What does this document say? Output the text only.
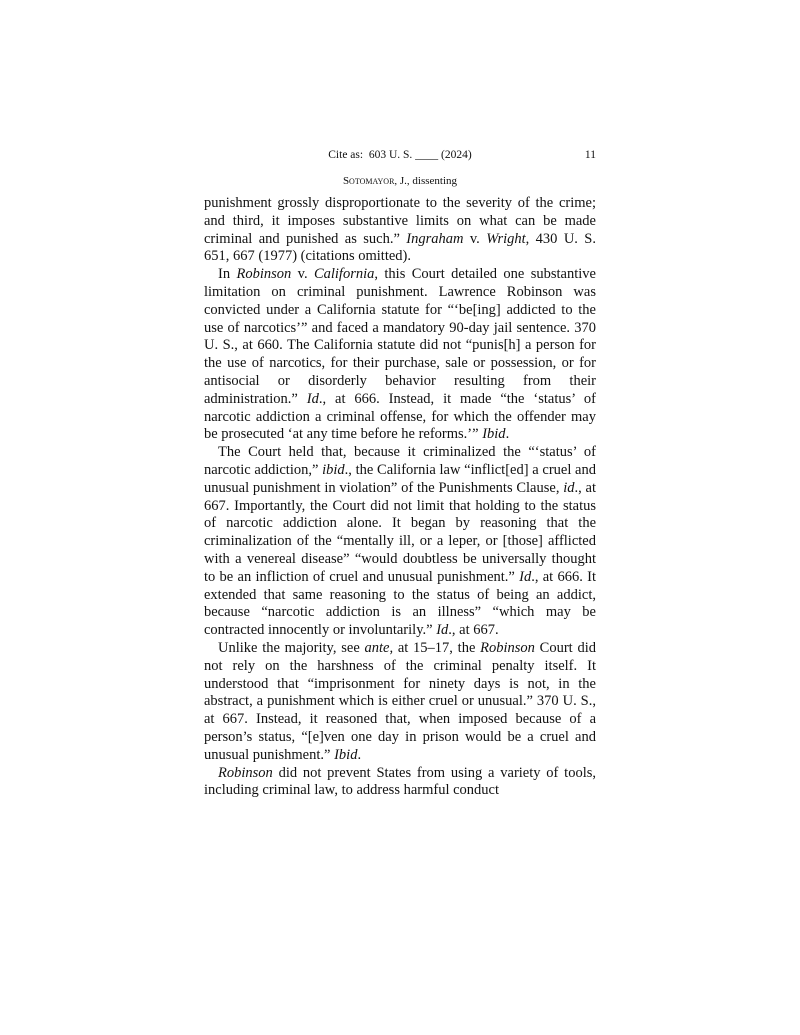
Cite as: 603 U. S. ____ (2024)	11
Sotomayor, J., dissenting

punishment grossly disproportionate to the severity of the crime; and third, it imposes substantive limits on what can be made criminal and punished as such.” Ingraham v. Wright, 430 U. S. 651, 667 (1977) (citations omitted).

In Robinson v. California, this Court detailed one substantive limitation on criminal punishment. Lawrence Robinson was convicted under a California statute for “‘be[ing] addicted to the use of narcotics’” and faced a mandatory 90-day jail sentence. 370 U. S., at 660. The California statute did not “punis[h] a person for the use of narcotics, for their purchase, sale or possession, or for antisocial or disorderly behavior resulting from their administration.” Id., at 666. Instead, it made “the ‘status’ of narcotic addiction a criminal offense, for which the offender may be prosecuted ‘at any time before he reforms.’” Ibid.

The Court held that, because it criminalized the “‘status’ of narcotic addiction,” ibid., the California law “inflict[ed] a cruel and unusual punishment in violation” of the Punishments Clause, id., at 667. Importantly, the Court did not limit that holding to the status of narcotic addiction alone. It began by reasoning that the criminalization of the “mentally ill, or a leper, or [those] afflicted with a venereal disease” “would doubtless be universally thought to be an infliction of cruel and unusual punishment.” Id., at 666. It extended that same reasoning to the status of being an addict, because “narcotic addiction is an illness” “which may be contracted innocently or involuntarily.” Id., at 667.

Unlike the majority, see ante, at 15–17, the Robinson Court did not rely on the harshness of the criminal penalty itself. It understood that “imprisonment for ninety days is not, in the abstract, a punishment which is either cruel or unusual.” 370 U. S., at 667. Instead, it reasoned that, when imposed because of a person’s status, “[e]ven one day in prison would be a cruel and unusual punishment.” Ibid.

Robinson did not prevent States from using a variety of tools, including criminal law, to address harmful conduct
